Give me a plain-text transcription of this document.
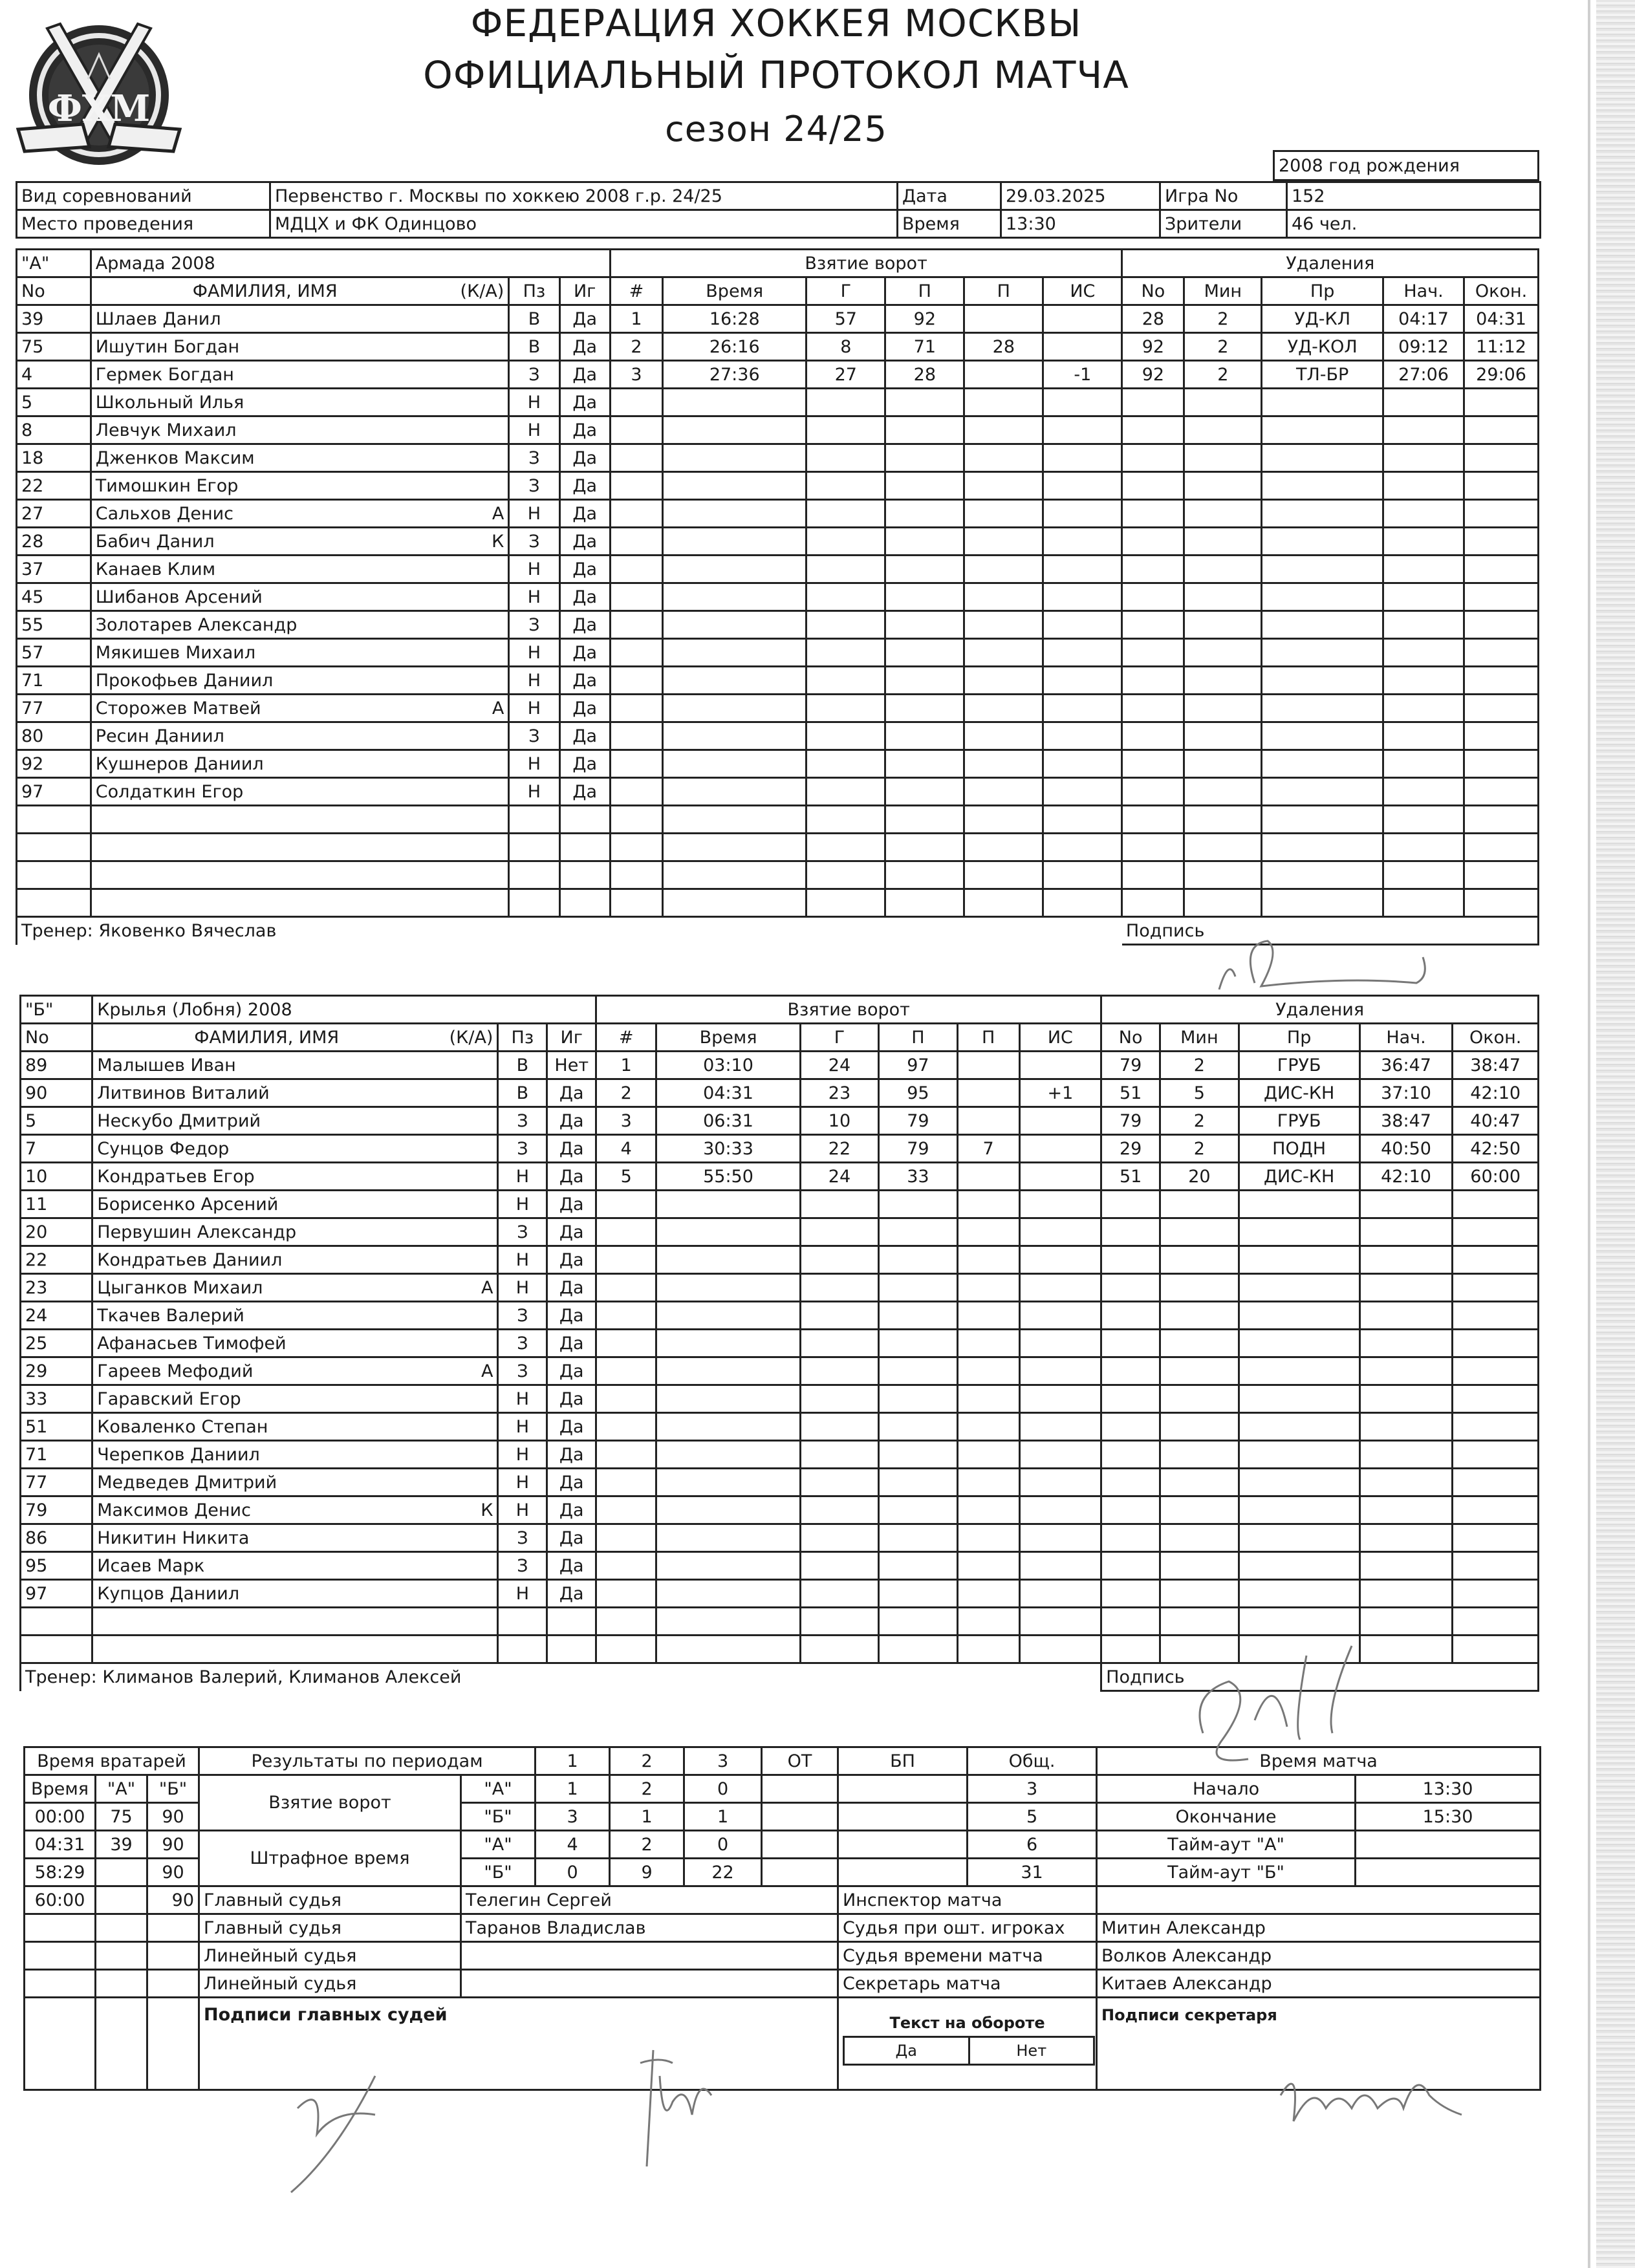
ФХМ
ФЕДЕРАЦИЯ ХОККЕЯ МОСКВЫ
ОФИЦИАЛЬНЫЙ ПРОТОКОЛ МАТЧА
сезон 24/25
2008 год рождения
Вид соревнований	Первенство г. Москвы по хоккею 2008 г.р. 24/25	Дата	29.03.2025	Игра No	152
Место проведения	МДЦХ и ФК Одинцово	Время	13:30	Зрители	46 чел.
"А"	Армада 2008			Взятие ворот						Удаления				
No	ФАМИЛИЯ, ИМЯ (К/А)	Пз	Иг	#	Время	Г	П	П	ИС	No	Мин	Пр	Нач.	Окон.
39	Шлаев Данил	В	Да	1	16:28	57	92			28	2	УД-КЛ	04:17	04:31
75	Ишутин Богдан	В	Да	2	26:16	8	71	28		92	2	УД-КОЛ	09:12	11:12
4	Гермек Богдан	З	Да	3	27:36	27	28		-1	92	2	ТЛ-БР	27:06	29:06
5	Школьный Илья	Н	Да											
8	Левчук Михаил	Н	Да											
18	Дженков Максим	З	Да											
22	Тимошкин Егор	З	Да											
27	Сальхов Денис А	Н	Да											
28	Бабич Данил К	З	Да											
37	Канаев Клим	Н	Да											
45	Шибанов Арсений	Н	Да											
55	Золотарев Александр	З	Да											
57	Мякишев Михаил	Н	Да											
71	Прокофьев Даниил	Н	Да											
77	Сторожев Матвей А	Н	Да											
80	Ресин Даниил	З	Да											
92	Кушнеров Даниил	Н	Да											
97	Солдаткин Егор	Н	Да											

Тренер: Яковенко Вячеслав										Подпись				
"Б"	Крылья (Лобня) 2008			Взятие ворот						Удаления				
No	ФАМИЛИЯ, ИМЯ (К/А)	Пз	Иг	#	Время	Г	П	П	ИС	No	Мин	Пр	Нач.	Окон.
89	Малышев Иван	В	Нет	1	03:10	24	97			79	2	ГРУБ	36:47	38:47
90	Литвинов Виталий	В	Да	2	04:31	23	95		+1	51	5	ДИС-КН	37:10	42:10
5	Нескубо Дмитрий	З	Да	3	06:31	10	79			79	2	ГРУБ	38:47	40:47
7	Сунцов Федор	З	Да	4	30:33	22	79	7		29	2	ПОДН	40:50	42:50
10	Кондратьев Егор	Н	Да	5	55:50	24	33			51	20	ДИС-КН	42:10	60:00
11	Борисенко Арсений	Н	Да											
20	Первушин Александр	З	Да											
22	Кондратьев Даниил	Н	Да											
23	Цыганков Михаил А	Н	Да											
24	Ткачев Валерий	З	Да											
25	Афанасьев Тимофей	З	Да											
29	Гареев Мефодий А	З	Да											
33	Гаравский Егор	Н	Да											
51	Коваленко Степан	Н	Да											
71	Черепков Даниил	Н	Да											
77	Медведев Дмитрий	Н	Да											
79	Максимов Денис К	Н	Да											
86	Никитин Никита	З	Да											
95	Исаев Марк	З	Да											
97	Купцов Даниил	Н	Да											

Тренер: Климанов Валерий, Климанов Алексей										Подпись				
Время вратарей	Результаты по периодам	1	2	3	ОТ	БП	Общ.	Время матча
Время	"А"	"Б"	Взятие ворот	"А"	1	2	0			3	Начало	13:30
00:00	75	90	"Б"	3	1	1			5	Окончание	15:30
04:31	39	90	Штрафное время	"А"	4	2	0			6	Тайм-аут "А"	
58:29		90	"Б"	0	9	22			31	Тайм-аут "Б"	
60:00		90	Главный судья	Телегин Сергей	Инспектор матча	
			Главный судья	Таранов Владислав	Судья при ошт. игроках	Митин Александр
			Линейный судья		Судья времени матча	Волков Александр
			Линейный судья		Секретарь матча	Китаев Александр
			Подписи главных судей	Текст на обороте
Да	Нет
	Подписи секретаря
